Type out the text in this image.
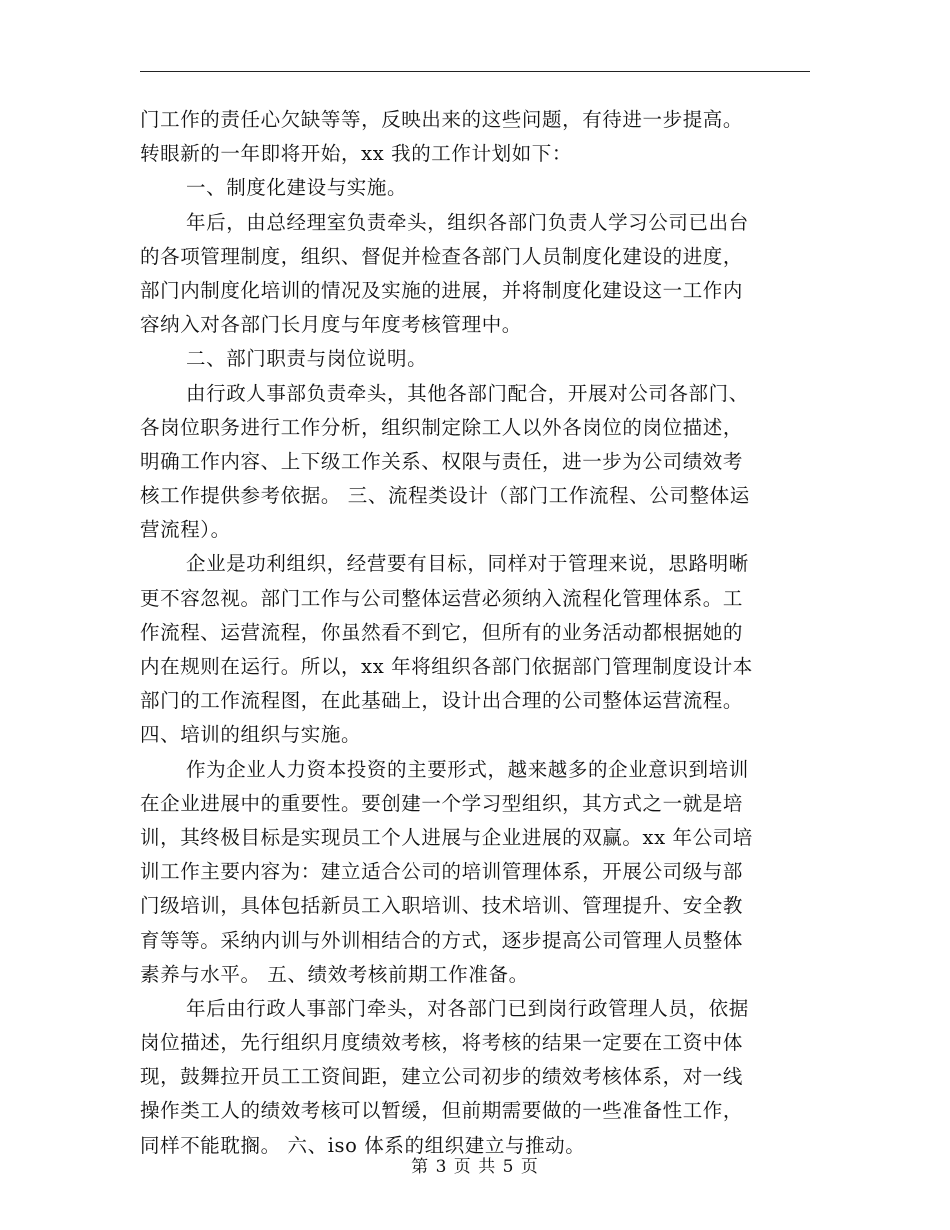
门工作的责任心欠缺等等，反映出来的这些问题，有待进一步提高。
转眼新的一年即将开始，xx 我的工作计划如下：
一、制度化建设与实施。
年后，由总经理室负责牵头，组织各部门负责人学习公司已出台
的各项管理制度，组织、督促并检查各部门人员制度化建设的进度，
部门内制度化培训的情况及实施的进展，并将制度化建设这一工作内
容纳入对各部门长月度与年度考核管理中。
二、部门职责与岗位说明。
由行政人事部负责牵头，其他各部门配合，开展对公司各部门、
各岗位职务进行工作分析，组织制定除工人以外各岗位的岗位描述，
明确工作内容、上下级工作关系、权限与责任，进一步为公司绩效考
核工作提供参考依据。 三、流程类设计（部门工作流程、公司整体运
营流程）。
企业是功利组织，经营要有目标，同样对于管理来说，思路明晰
更不容忽视。部门工作与公司整体运营必须纳入流程化管理体系。工
作流程、运营流程，你虽然看不到它，但所有的业务活动都根据她的
内在规则在运行。所以，xx 年将组织各部门依据部门管理制度设计本
部门的工作流程图，在此基础上，设计出合理的公司整体运营流程。
四、培训的组织与实施。
作为企业人力资本投资的主要形式，越来越多的企业意识到培训
在企业进展中的重要性。要创建一个学习型组织，其方式之一就是培
训，其终极目标是实现员工个人进展与企业进展的双赢。xx 年公司培
训工作主要内容为：建立适合公司的培训管理体系，开展公司级与部
门级培训，具体包括新员工入职培训、技术培训、管理提升、安全教
育等等。采纳内训与外训相结合的方式，逐步提高公司管理人员整体
素养与水平。 五、绩效考核前期工作准备。
年后由行政人事部门牵头，对各部门已到岗行政管理人员，依据
岗位描述，先行组织月度绩效考核，将考核的结果一定要在工资中体
现，鼓舞拉开员工工资间距，建立公司初步的绩效考核体系，对一线
操作类工人的绩效考核可以暂缓，但前期需要做的一些准备性工作，
同样不能耽搁。 六、iso 体系的组织建立与推动。
第 3 页 共 5 页
